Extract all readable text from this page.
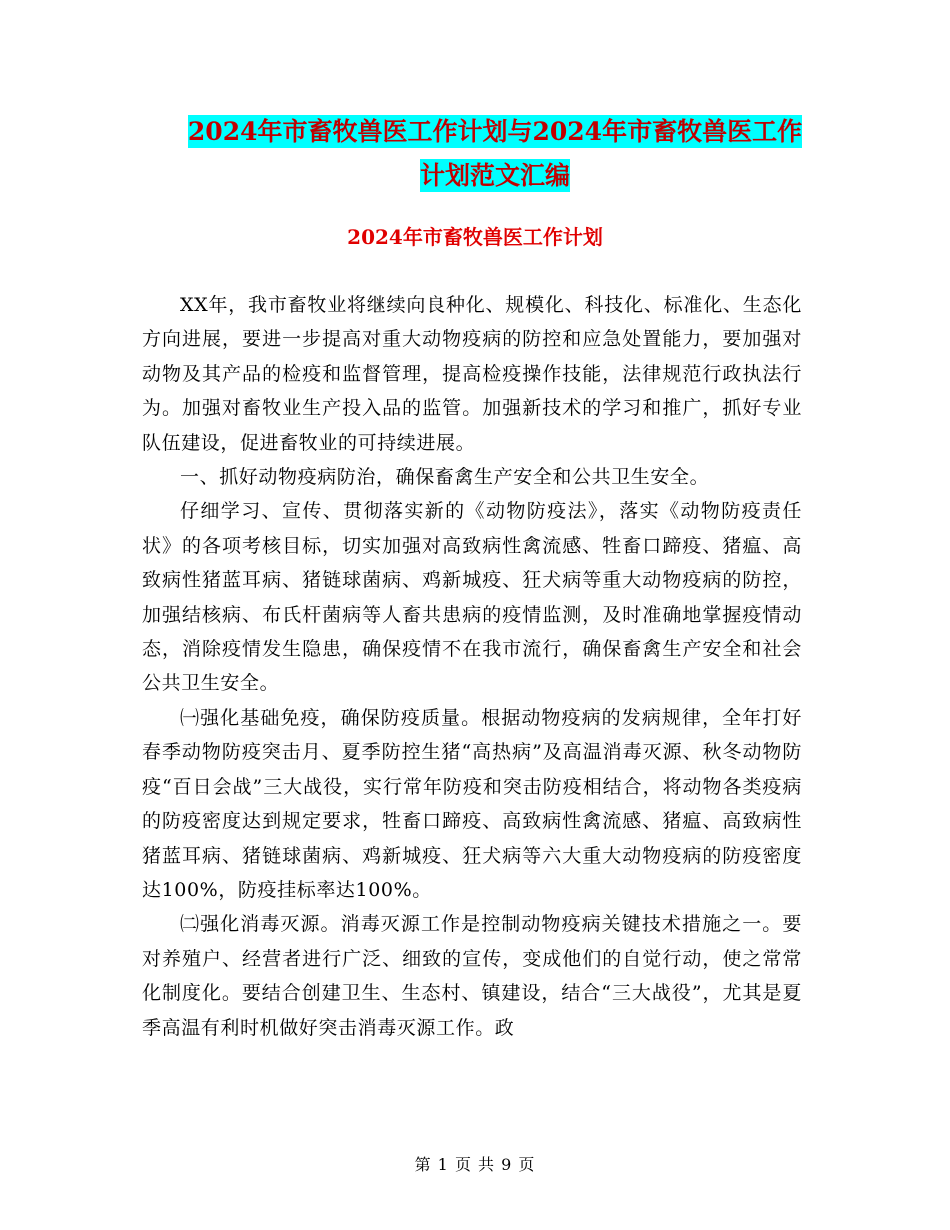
2024年市畜牧兽医工作计划与2024年市畜牧兽医工作
计划范文汇编
2024年市畜牧兽医工作计划

XX年，我市畜牧业将继续向良种化、规模化、科技化、标准化、生态化方向进展，要进一步提高对重大动物疫病的防控和应急处置能力，要加强对动物及其产品的检疫和监督管理，提高检疫操作技能，法律规范行政执法行为。加强对畜牧业生产投入品的监管。加强新技术的学习和推广，抓好专业队伍建设，促进畜牧业的可持续进展。

一、抓好动物疫病防治，确保畜禽生产安全和公共卫生安全。

仔细学习、宣传、贯彻落实新的《动物防疫法》，落实《动物防疫责任状》的各项考核目标，切实加强对高致病性禽流感、牲畜口蹄疫、猪瘟、高致病性猪蓝耳病、猪链球菌病、鸡新城疫、狂犬病等重大动物疫病的防控，加强结核病、布氏杆菌病等人畜共患病的疫情监测，及时准确地掌握疫情动态，消除疫情发生隐患，确保疫情不在我市流行，确保畜禽生产安全和社会公共卫生安全。

㈠强化基础免疫，确保防疫质量。根据动物疫病的发病规律，全年打好春季动物防疫突击月、夏季防控生猪“高热病”及高温消毒灭源、秋冬动物防疫“百日会战”三大战役，实行常年防疫和突击防疫相结合，将动物各类疫病的防疫密度达到规定要求，牲畜口蹄疫、高致病性禽流感、猪瘟、高致病性猪蓝耳病、猪链球菌病、鸡新城疫、狂犬病等六大重大动物疫病的防疫密度达100%，防疫挂标率达100%。

㈡强化消毒灭源。消毒灭源工作是控制动物疫病关键技术措施之一。要对养殖户、经营者进行广泛、细致的宣传，变成他们的自觉行动，使之常常化制度化。要结合创建卫生、生态村、镇建设，结合“三大战役”，尤其是夏季高温有利时机做好突击消毒灭源工作。政

第 1 页 共 9 页
